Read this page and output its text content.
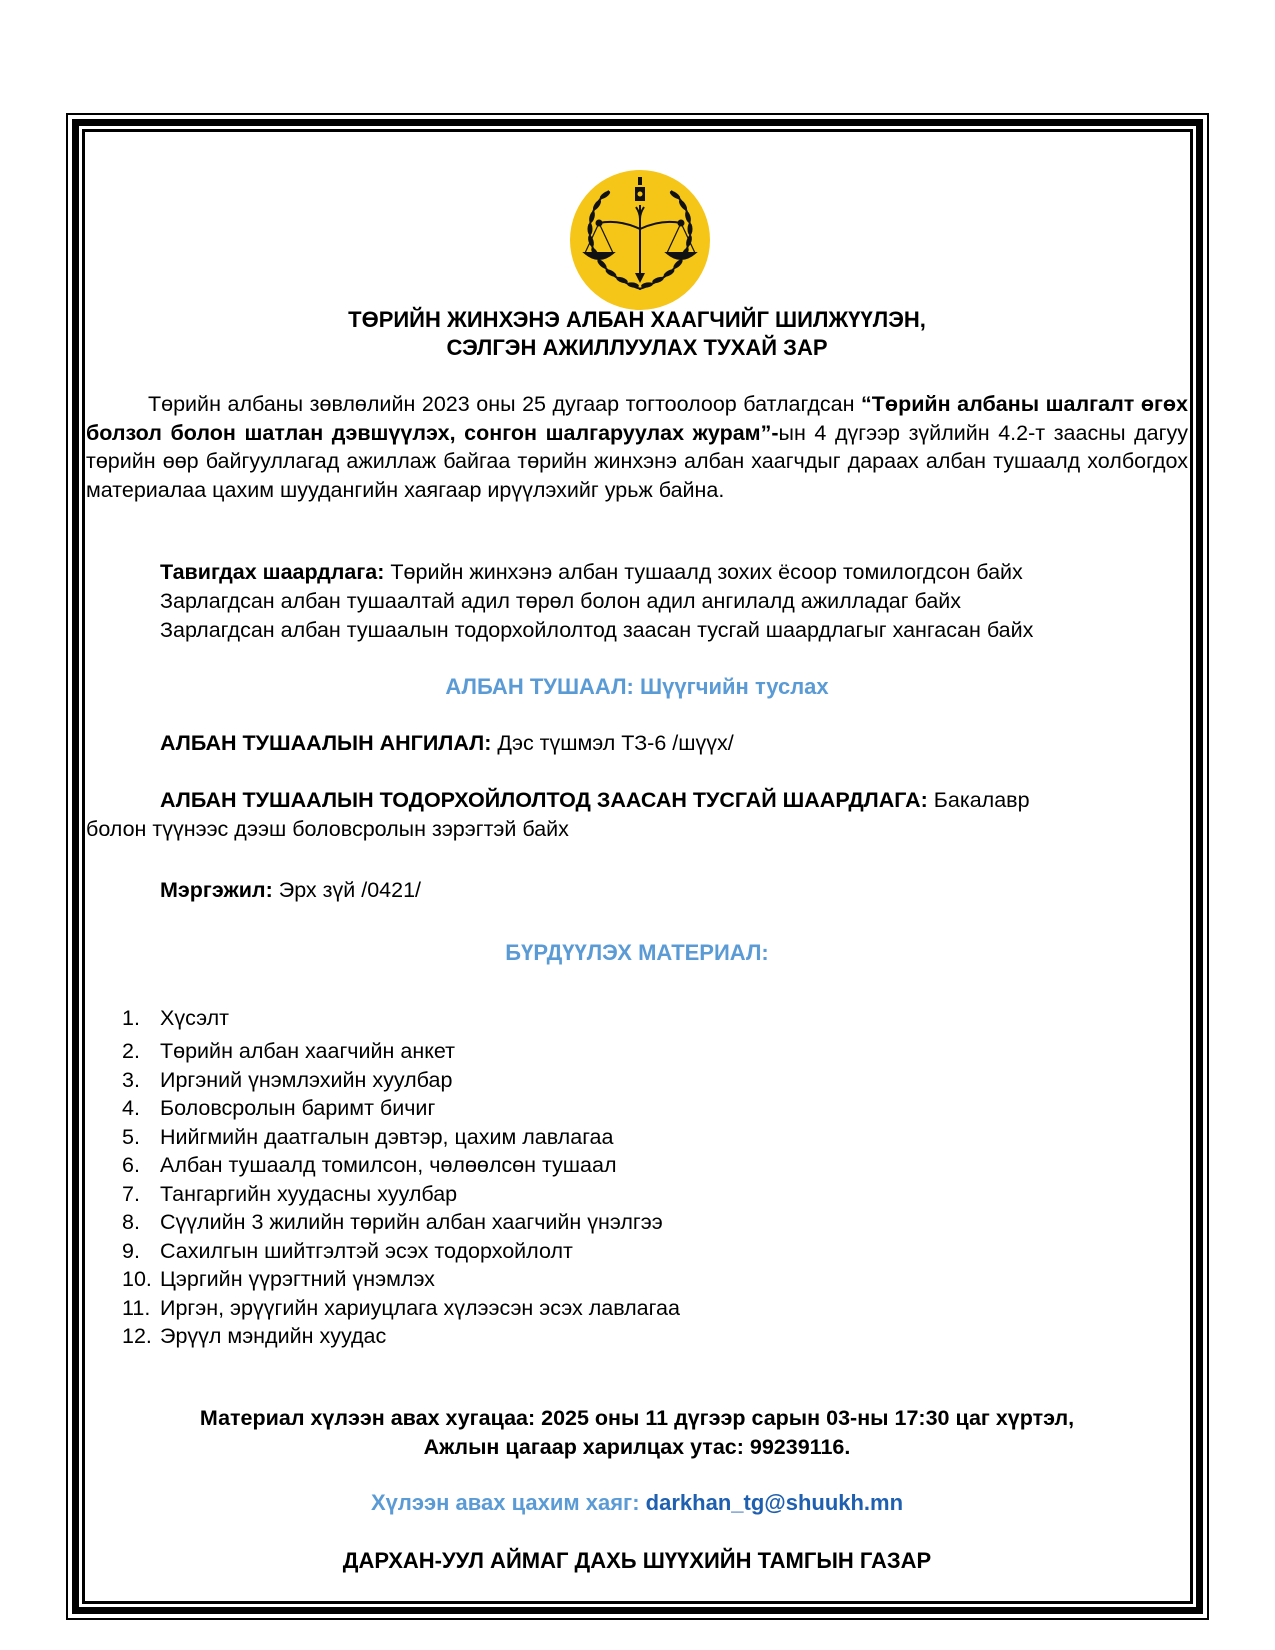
ТӨРИЙН ЖИНХЭНЭ АЛБАН ХААГЧИЙГ ШИЛЖҮҮЛЭН,
СЭЛГЭН АЖИЛЛУУЛАХ ТУХАЙ ЗАР
Төрийн албаны зөвлөлийн 2023 оны 25 дугаар тогтоолоор батлагдсан “Төрийн албаны шалгалт өгөх болзол болон шатлан дэвшүүлэх, сонгон шалгаруулах журам”-ын 4 дүгээр зүйлийн 4.2-т заасны дагуу төрийн өөр байгууллагад ажиллаж байгаа төрийн жинхэнэ албан хаагчдыг дараах албан тушаалд холбогдох материалаа цахим шуудангийн хаягаар ирүүлэхийг урьж байна.
Тавигдах шаардлага: Төрийн жинхэнэ албан тушаалд зохих ёсоор томилогдсон байх
Зарлагдсан албан тушаалтай адил төрөл болон адил ангилалд ажилладаг байх
Зарлагдсан албан тушаалын тодорхойлолтод заасан тусгай шаардлагыг хангасан байх
АЛБАН ТУШААЛ: Шүүгчийн туслах
АЛБАН ТУШААЛЫН АНГИЛАЛ: Дэс түшмэл ТЗ-6 /шүүх/
АЛБАН ТУШААЛЫН ТОДОРХОЙЛОЛТОД ЗААСАН ТУСГАЙ ШААРДЛАГА: Бакалавр
болон түүнээс дээш боловсролын зэрэгтэй байх
Мэргэжил: Эрх зүй /0421/
БҮРДҮҮЛЭХ МАТЕРИАЛ:
1. Хүсэлт
2. Төрийн албан хаагчийн анкет
3. Иргэний үнэмлэхийн хуулбар
4. Боловсролын баримт бичиг
5. Нийгмийн даатгалын дэвтэр, цахим лавлагаа
6. Албан тушаалд томилсон, чөлөөлсөн тушаал
7. Тангаргийн хуудасны хуулбар
8. Сүүлийн 3 жилийн төрийн албан хаагчийн үнэлгээ
9. Сахилгын шийтгэлтэй эсэх тодорхойлолт
10. Цэргийн үүрэгтний үнэмлэх
11. Иргэн, эрүүгийн хариуцлага хүлээсэн эсэх лавлагаа
12. Эрүүл мэндийн хуудас
Материал хүлээн авах хугацаа: 2025 оны 11 дүгээр сарын 03-ны 17:30 цаг хүртэл,
Ажлын цагаар харилцах утас: 99239116.
Хүлээн авах цахим хаяг: darkhan_tg@shuukh.mn
ДАРХАН-УУЛ АЙМАГ ДАХЬ ШҮҮХИЙН ТАМГЫН ГАЗАР
